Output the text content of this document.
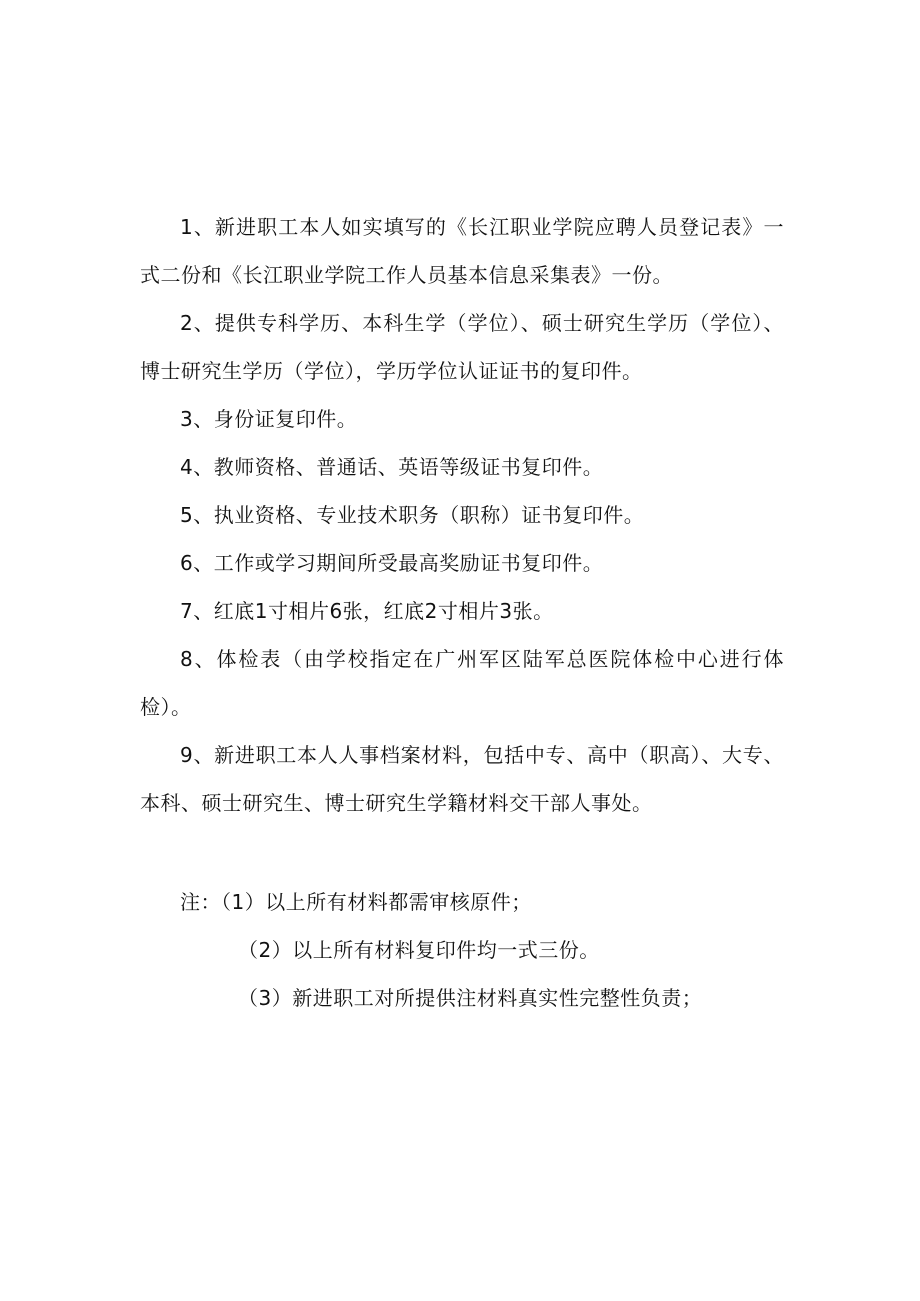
1、新进职工本人如实填写的《长江职业学院应聘人员登记表》一式二份和《长江职业学院工作人员基本信息采集表》一份。

2、提供专科学历、本科生学（学位）、硕士研究生学历（学位）、博士研究生学历（学位），学历学位认证证书的复印件。

3、身份证复印件。

4、教师资格、普通话、英语等级证书复印件。

5、执业资格、专业技术职务（职称）证书复印件。

6、工作或学习期间所受最高奖励证书复印件。

7、红底1寸相片6张，红底2寸相片3张。

8、体检表（由学校指定在广州军区陆军总医院体检中心进行体检）。

9、新进职工本人人事档案材料，包括中专、高中（职高）、大专、本科、硕士研究生、博士研究生学籍材料交干部人事处。

注：（1）以上所有材料都需审核原件；

（2）以上所有材料复印件均一式三份。

（3）新进职工对所提供注材料真实性完整性负责；
